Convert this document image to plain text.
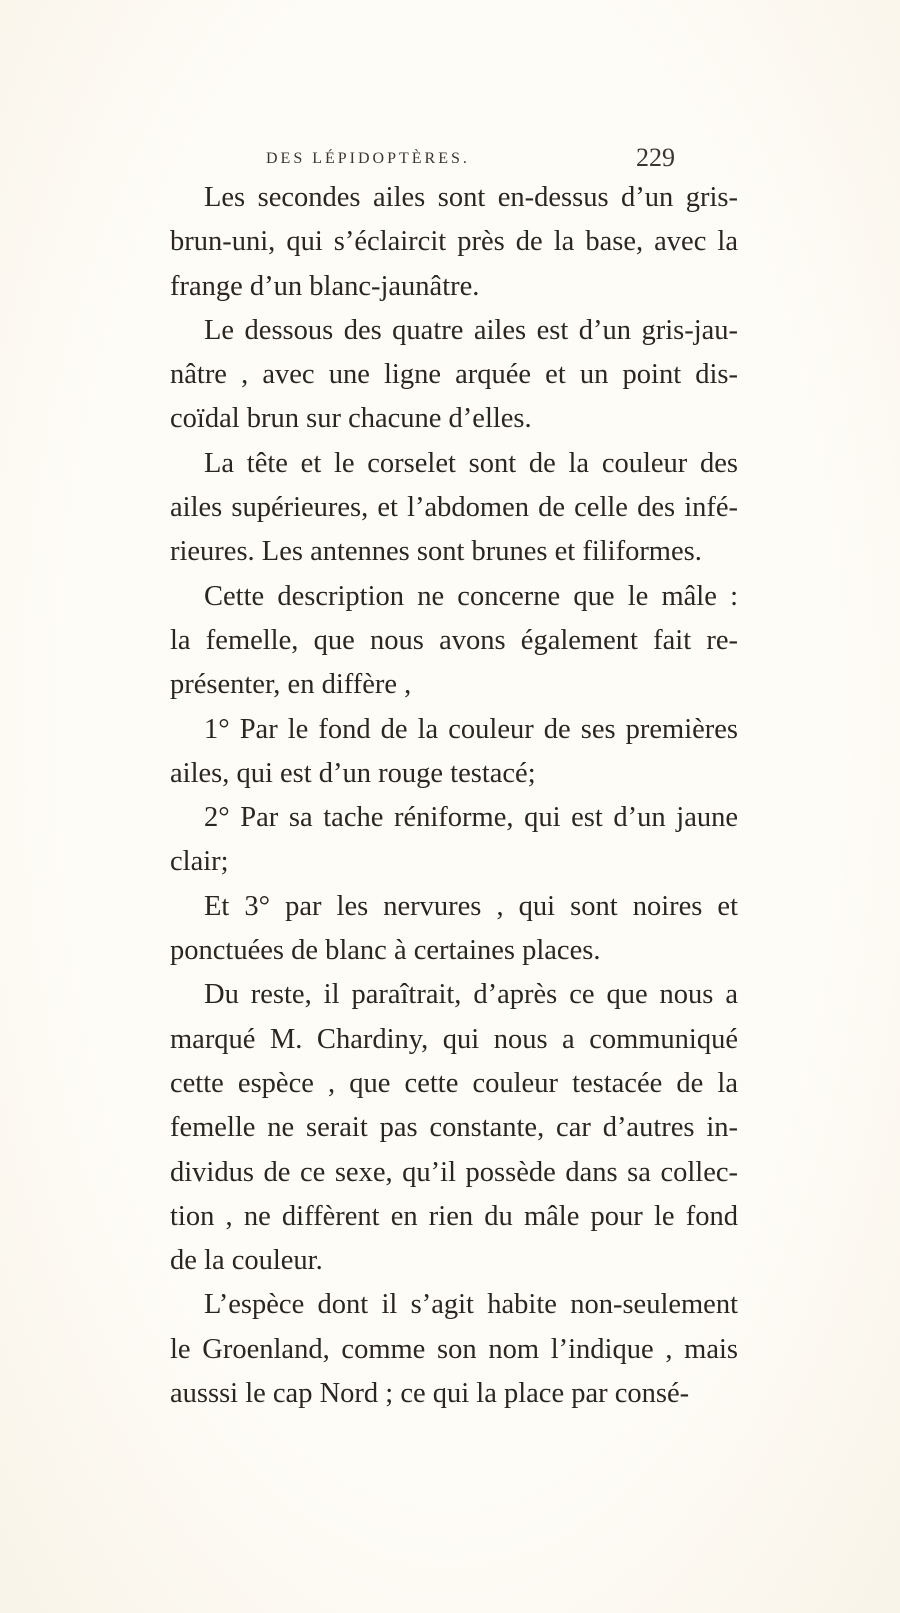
DES LÉPIDOPTÈRES.	229
Les secondes ailes sont en-dessus d’un gris-
brun-uni, qui s’éclaircit près de la base, avec la
frange d’un blanc-jaunâtre.
Le dessous des quatre ailes est d’un gris-jau-
nâtre , avec une ligne arquée et un point dis-
coïdal brun sur chacune d’elles.
La tête et le corselet sont de la couleur des
ailes supérieures, et l’abdomen de celle des infé-
rieures. Les antennes sont brunes et filiformes.
Cette description ne concerne que le mâle :
la femelle, que nous avons également fait re-
présenter, en diffère ,
1° Par le fond de la couleur de ses premières
ailes, qui est d’un rouge testacé;
2° Par sa tache réniforme, qui est d’un jaune
clair;
Et 3° par les nervures , qui sont noires et
ponctuées de blanc à certaines places.
Du reste, il paraîtrait, d’après ce que nous a
marqué M. Chardiny, qui nous a communiqué
cette espèce , que cette couleur testacée de la
femelle ne serait pas constante, car d’autres in-
dividus de ce sexe, qu’il possède dans sa collec-
tion , ne diffèrent en rien du mâle pour le fond
de la couleur.
L’espèce dont il s’agit habite non-seulement
le Groenland, comme son nom l’indique , mais
ausssi le cap Nord ; ce qui la place par consé-
